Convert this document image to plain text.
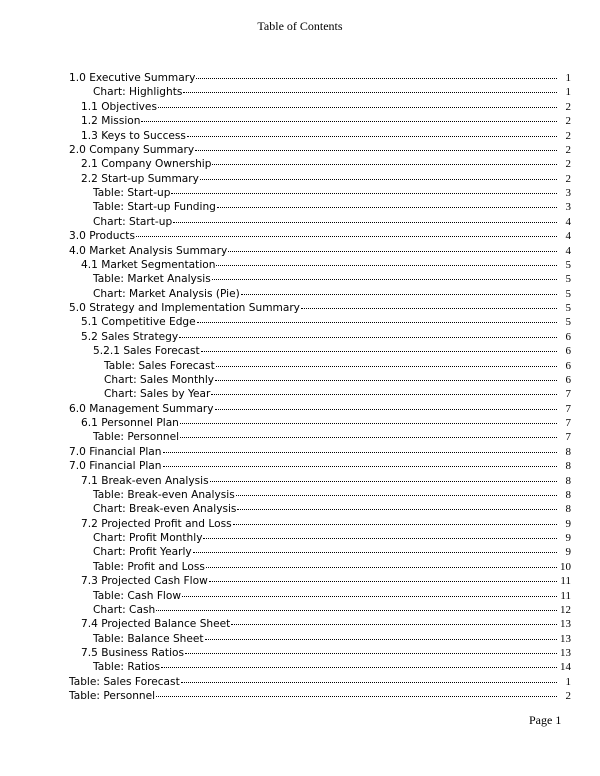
Table of Contents
1.0 Executive Summary	1
Chart: Highlights	1
1.1 Objectives	2
1.2 Mission	2
1.3 Keys to Success	2
2.0 Company Summary	2
2.1 Company Ownership	2
2.2 Start-up Summary	2
Table: Start-up	3
Table: Start-up Funding	3
Chart: Start-up	4
3.0 Products	4
4.0 Market Analysis Summary	4
4.1 Market Segmentation	5
Table: Market Analysis	5
Chart: Market Analysis (Pie)	5
5.0 Strategy and Implementation Summary	5
5.1 Competitive Edge	5
5.2 Sales Strategy	6
5.2.1 Sales Forecast	6
Table: Sales Forecast	6
Chart: Sales Monthly	6
Chart: Sales by Year	7
6.0 Management Summary	7
6.1 Personnel Plan	7
Table: Personnel	7
7.0 Financial Plan	8
7.0 Financial Plan	8
7.1 Break-even Analysis	8
Table: Break-even Analysis	8
Chart: Break-even Analysis	8
7.2 Projected Profit and Loss	9
Chart: Profit Monthly	9
Chart: Profit Yearly	9
Table: Profit and Loss	10
7.3 Projected Cash Flow	11
Table: Cash Flow	11
Chart: Cash	12
7.4 Projected Balance Sheet	13
Table: Balance Sheet	13
7.5 Business Ratios	13
Table: Ratios	14
Table: Sales Forecast	1
Table: Personnel	2
Page 1
